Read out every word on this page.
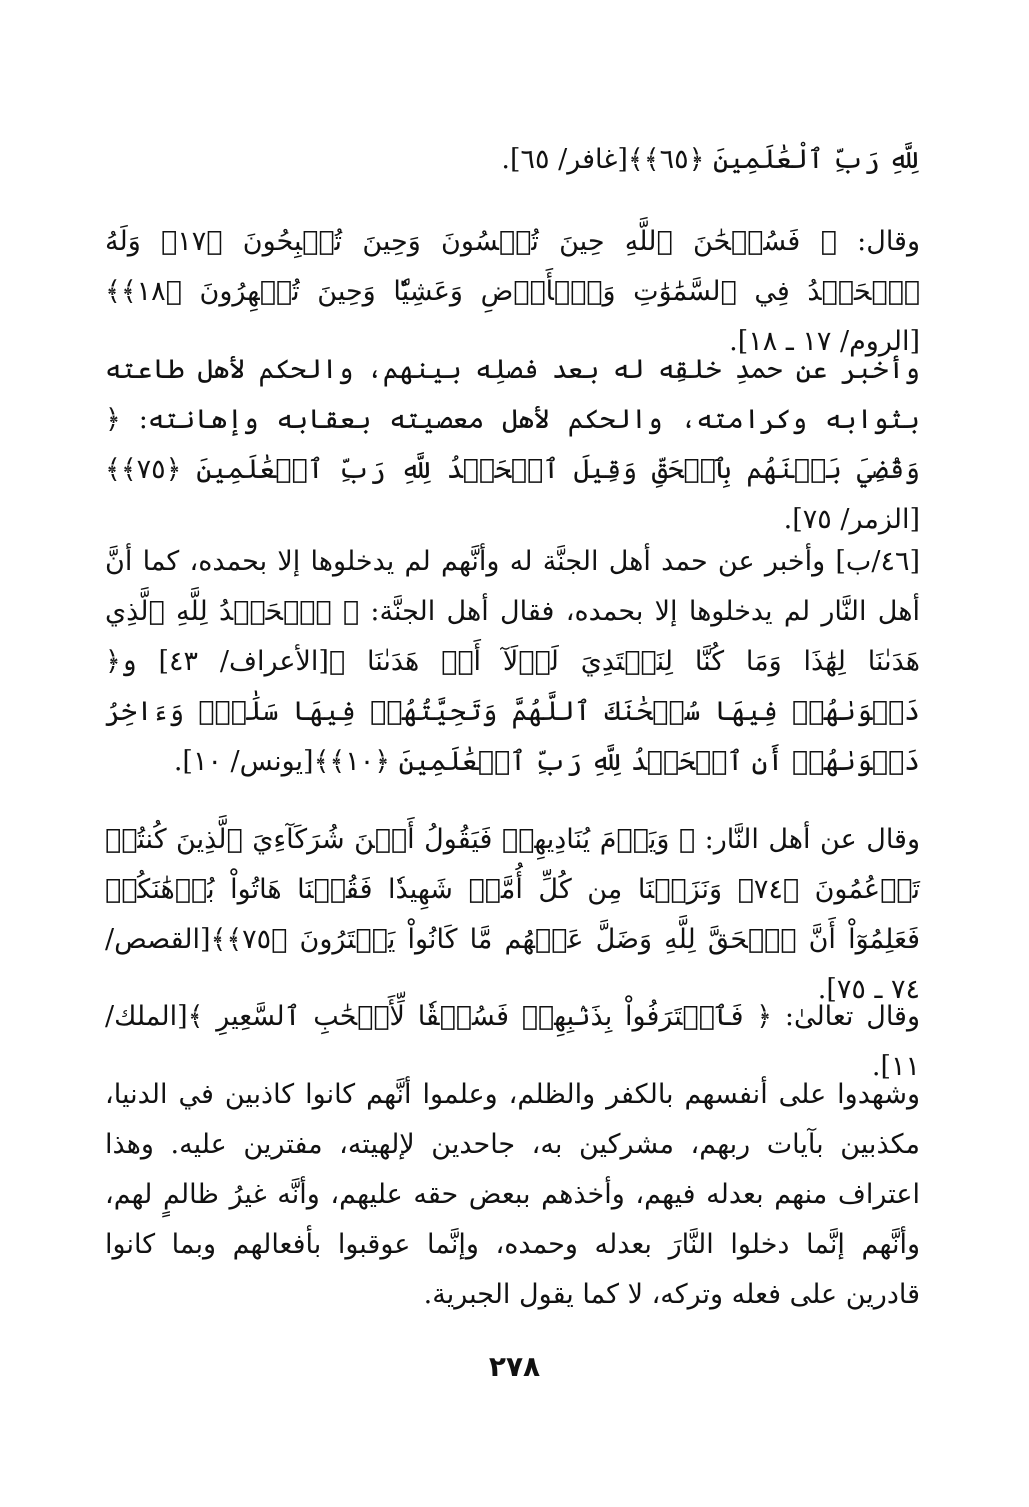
لِلَّهِ رَبِّ ٱلْعَٰلَمِينَ ﴿٦٥﴾﴾[غافر/ ٦٥].

وقال: ﴿ فَسُبۡحَٰنَ ٱللَّهِ حِينَ تُمۡسُونَ وَحِينَ تُصۡبِحُونَ ﴿١٧﴾ وَلَهُ ٱلۡحَمۡدُ فِي ٱلسَّمَٰوَٰتِ وَٱلۡأَرۡضِ وَعَشِيّٗا وَحِينَ تُظۡهِرُونَ ﴿١٨﴾﴾[الروم/ ١٧ ـ ١٨].

وأخبر عن حمدِ خلقِه له بعد فصلِه بينهم، والحكم لأهل طاعته بثوابه وكرامته، والحكم لأهل معصيته بعقابه وإهانته: ﴿ وَقُضِيَ بَيۡنَهُم بِٱلۡحَقِّ وَقِيلَ ٱلۡحَمۡدُ لِلَّهِ رَبِّ ٱلۡعَٰلَمِينَ ﴿٧٥﴾﴾[الزمر/ ٧٥].

[٤٦/ب] وأخبر عن حمد أهل الجنَّة له وأنَّهم لم يدخلوها إلا بحمده، كما أنَّ أهل النَّار لم يدخلوها إلا بحمده، فقال أهل الجنَّة: ﴿ ٱلۡحَمۡدُ لِلَّهِ ٱلَّذِي هَدَىٰنَا لِهَٰذَا وَمَا كُنَّا لِنَهۡتَدِيَ لَوۡلَآ أَنۡ هَدَىٰنَا ﴾[الأعراف/ ٤٣] و﴿ دَعۡوَىٰهُمۡ فِيهَا سُبۡحَٰنَكَ ٱللَّهُمَّ وَتَحِيَّتُهُمۡ فِيهَا سَلَٰمٞۚ وَءَاخِرُ دَعۡوَىٰهُمۡ أَنِ ٱلۡحَمۡدُ لِلَّهِ رَبِّ ٱلۡعَٰلَمِينَ ﴿١٠﴾﴾[يونس/ ١٠].

وقال عن أهل النَّار: ﴿ وَيَوۡمَ يُنَادِيهِمۡ فَيَقُولُ أَيۡنَ شُرَكَآءِيَ ٱلَّذِينَ كُنتُمۡ تَزۡعُمُونَ ﴿٧٤﴾ وَنَزَعۡنَا مِن كُلِّ أُمَّةٖ شَهِيدٗا فَقُلۡنَا هَاتُواْ بُرۡهَٰنَكُمۡ فَعَلِمُوٓاْ أَنَّ ٱلۡحَقَّ لِلَّهِ وَضَلَّ عَنۡهُم مَّا كَانُواْ يَفۡتَرُونَ ﴿٧٥﴾﴾[القصص/ ٧٤ ـ ٧٥].

وقال تعالىٰ: ﴿ فَٱعۡتَرَفُواْ بِذَنۢبِهِمۡ فَسُحۡقٗا لِّأَصۡحَٰبِ ٱلسَّعِيرِ ﴾[الملك/ ١١].

وشهدوا على أنفسهم بالكفر والظلم، وعلموا أنَّهم كانوا كاذبين في الدنيا، مكذبين بآيات ربهم، مشركين به، جاحدين لإلهيته، مفترين عليه. وهذا اعتراف منهم بعدله فيهم، وأخذهم ببعض حقه عليهم، وأنَّه غيرُ ظالمٍ لهم، وأنَّهم إنَّما دخلوا النَّارَ بعدله وحمده، وإنَّما عوقبوا بأفعالهم وبما كانوا قادرين على فعله وتركه، لا كما يقول الجبرية.

٢٧٨
